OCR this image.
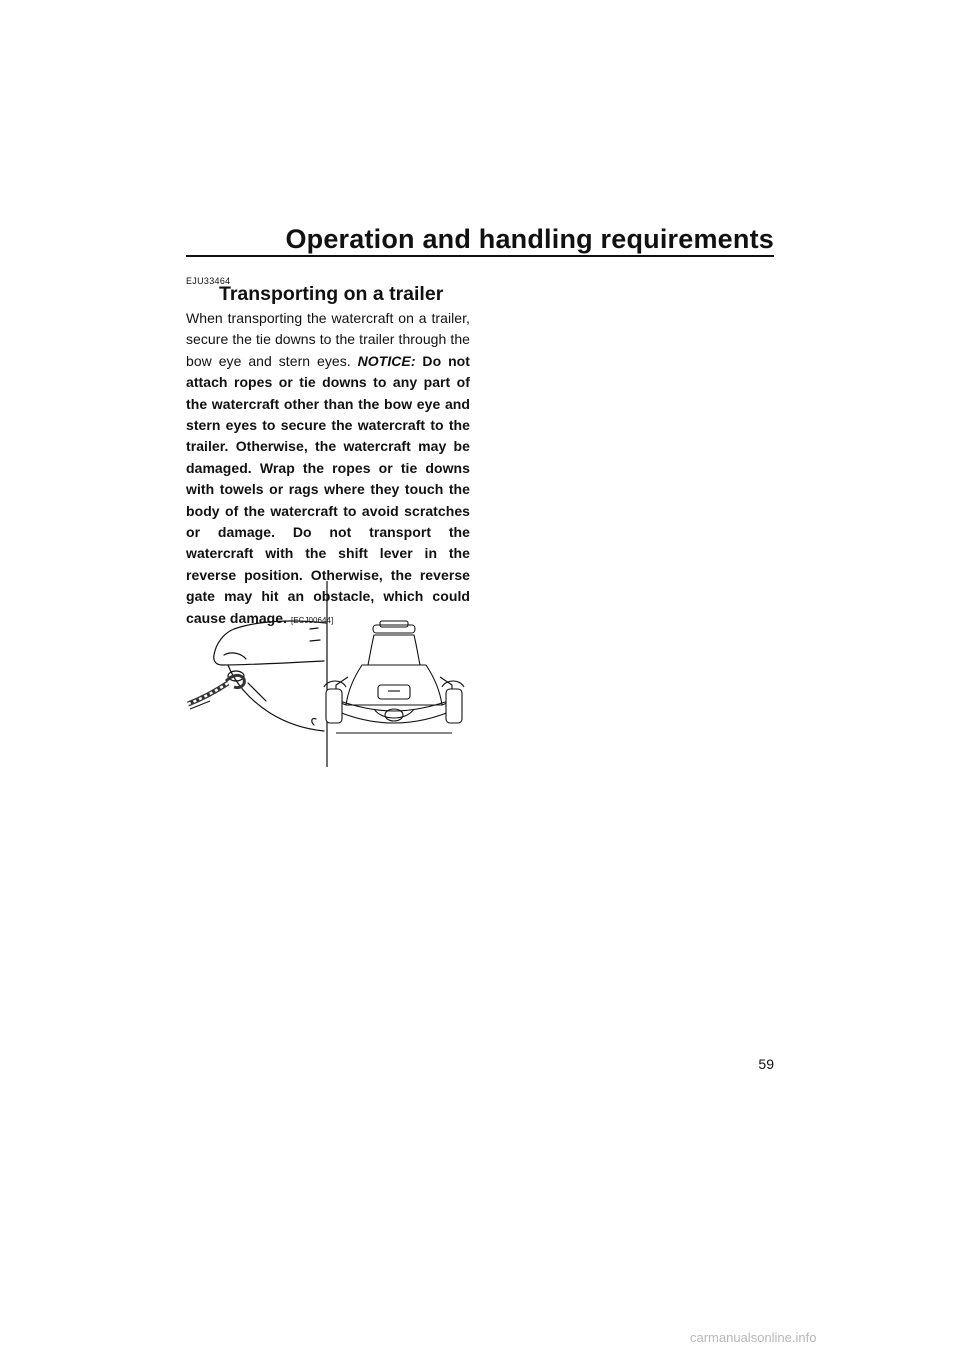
Operation and handling requirements
EJU33464
Transporting on a trailer

When transporting the watercraft on a trailer, secure the tie downs to the trailer through the bow eye and stern eyes. NOTICE: Do not attach ropes or tie downs to any part of the watercraft other than the bow eye and stern eyes to secure the watercraft to the trailer. Otherwise, the watercraft may be damaged. Wrap the ropes or tie downs with towels or rags where they touch the body of the watercraft to avoid scratches or damage. Do not transport the watercraft with the shift lever in the reverse position. Otherwise, the reverse gate may hit an obstacle, which could cause damage. [ECJ00644]

59
carmanualsonline.info
